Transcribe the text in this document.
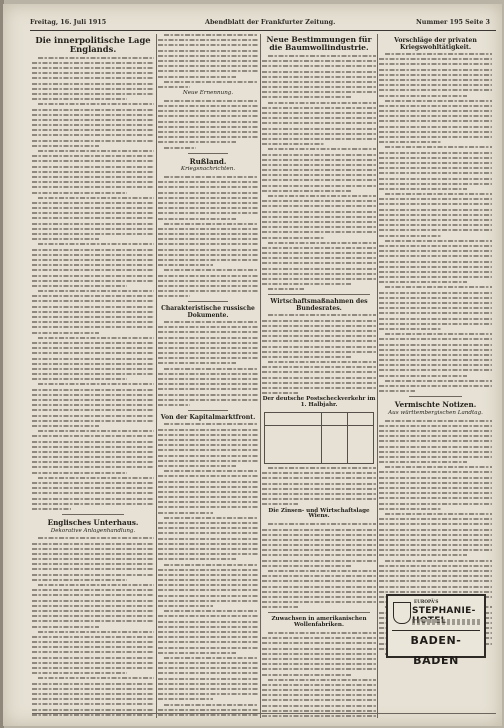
Freitag, 16. Juli 1915	Abendblatt der Frankfurter Zeitung.	Nummer 195 Seite 3
Die innerpolitische Lage Englands.
Englisches Unterhaus.
Dekorative Anlagenhandlung.
Neue Ernennung.
Rußland.
Kriegsnachrichten.
Charakteristische russische Dokumente.
Von der Kapitalmarktfront.
Neue Bestimmungen für die Baumwollindustrie.
Wirtschaftsmaßnahmen des Bundesrates.
Der deutsche Postscheckverkehr im 1. Halbjahr.
Die Zinsen- und Wirtschaftslage Wiens.
Zuwachsen in amerikanischen Wollenfabriken.
Vorschläge der privaten Kriegswohltätigkeit.
Vermischte Notizen.
Aus württembergischen Landtag.
EUROPÄ'S
STEPHANIE-
BADEN-BADEN
